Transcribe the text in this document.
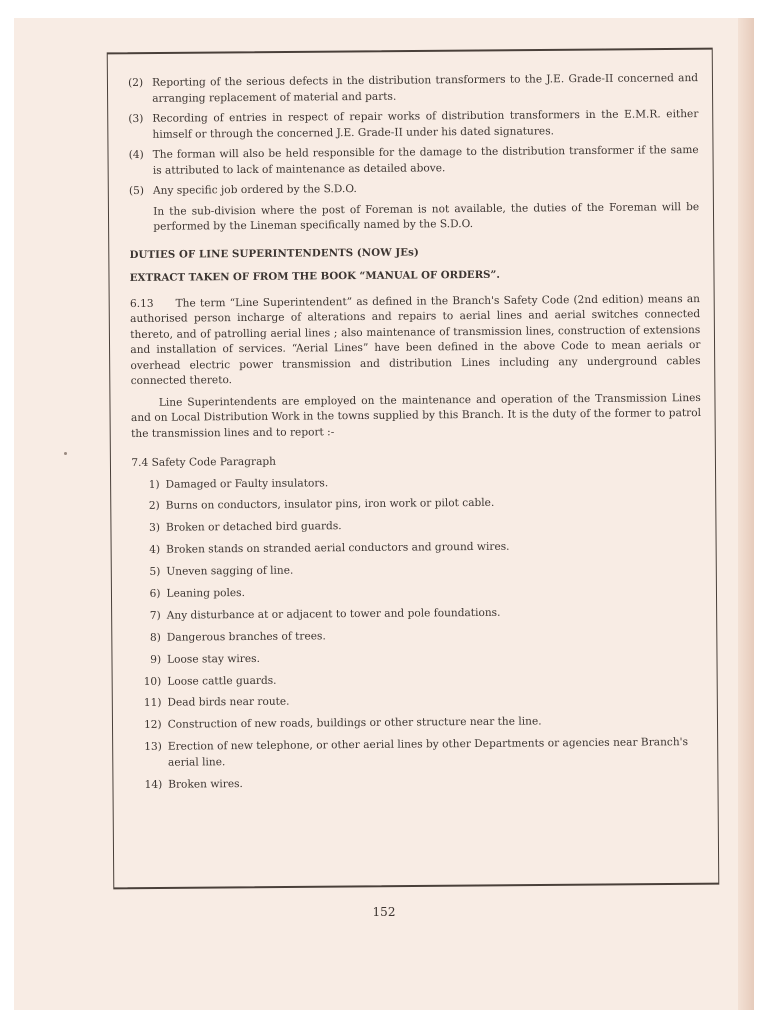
(2) Reporting of the serious defects in the distribution transformers to the J.E. Grade-II concerned and arranging replacement of material and parts.
(3) Recording of entries in respect of repair works of distribution transformers in the E.M.R. either himself or through the concerned J.E. Grade-II under his dated signatures.
(4) The forman will also be held responsible for the damage to the distribution transformer if the same is attributed to lack of maintenance as detailed above.
(5) Any specific job ordered by the S.D.O.
In the sub-division where the post of Foreman is not available, the duties of the Foreman will be performed by the Lineman specifically named by the S.D.O.
DUTIES OF LINE SUPERINTENDENTS (NOW JEs)
EXTRACT TAKEN OF FROM THE BOOK “MANUAL OF ORDERS”.

6.13 The term “Line Superintendent” as defined in the Branch's Safety Code (2nd edition) means an authorised person incharge of alterations and repairs to aerial lines and aerial switches connected thereto, and of patrolling aerial lines ; also maintenance of transmission lines, construction of extensions and installation of services. “Aerial Lines” have been defined in the above Code to mean aerials or overhead electric power transmission and distribution Lines including any underground cables connected thereto.

Line Superintendents are employed on the maintenance and operation of the Transmission Lines and on Local Distribution Work in the towns supplied by this Branch. It is the duty of the former to patrol the transmission lines and to report :-

7.4 Safety Code Paragraph
1) Damaged or Faulty insulators.
2) Burns on conductors, insulator pins, iron work or pilot cable.
3) Broken or detached bird guards.
4) Broken stands on stranded aerial conductors and ground wires.
5) Uneven sagging of line.
6) Leaning poles.
7) Any disturbance at or adjacent to tower and pole foundations.
8) Dangerous branches of trees.
9) Loose stay wires.
10) Loose cattle guards.
11) Dead birds near route.
12) Construction of new roads, buildings or other structure near the line.
13) Erection of new telephone, or other aerial lines by other Departments or agencies near Branch's aerial line.
14) Broken wires.
152
